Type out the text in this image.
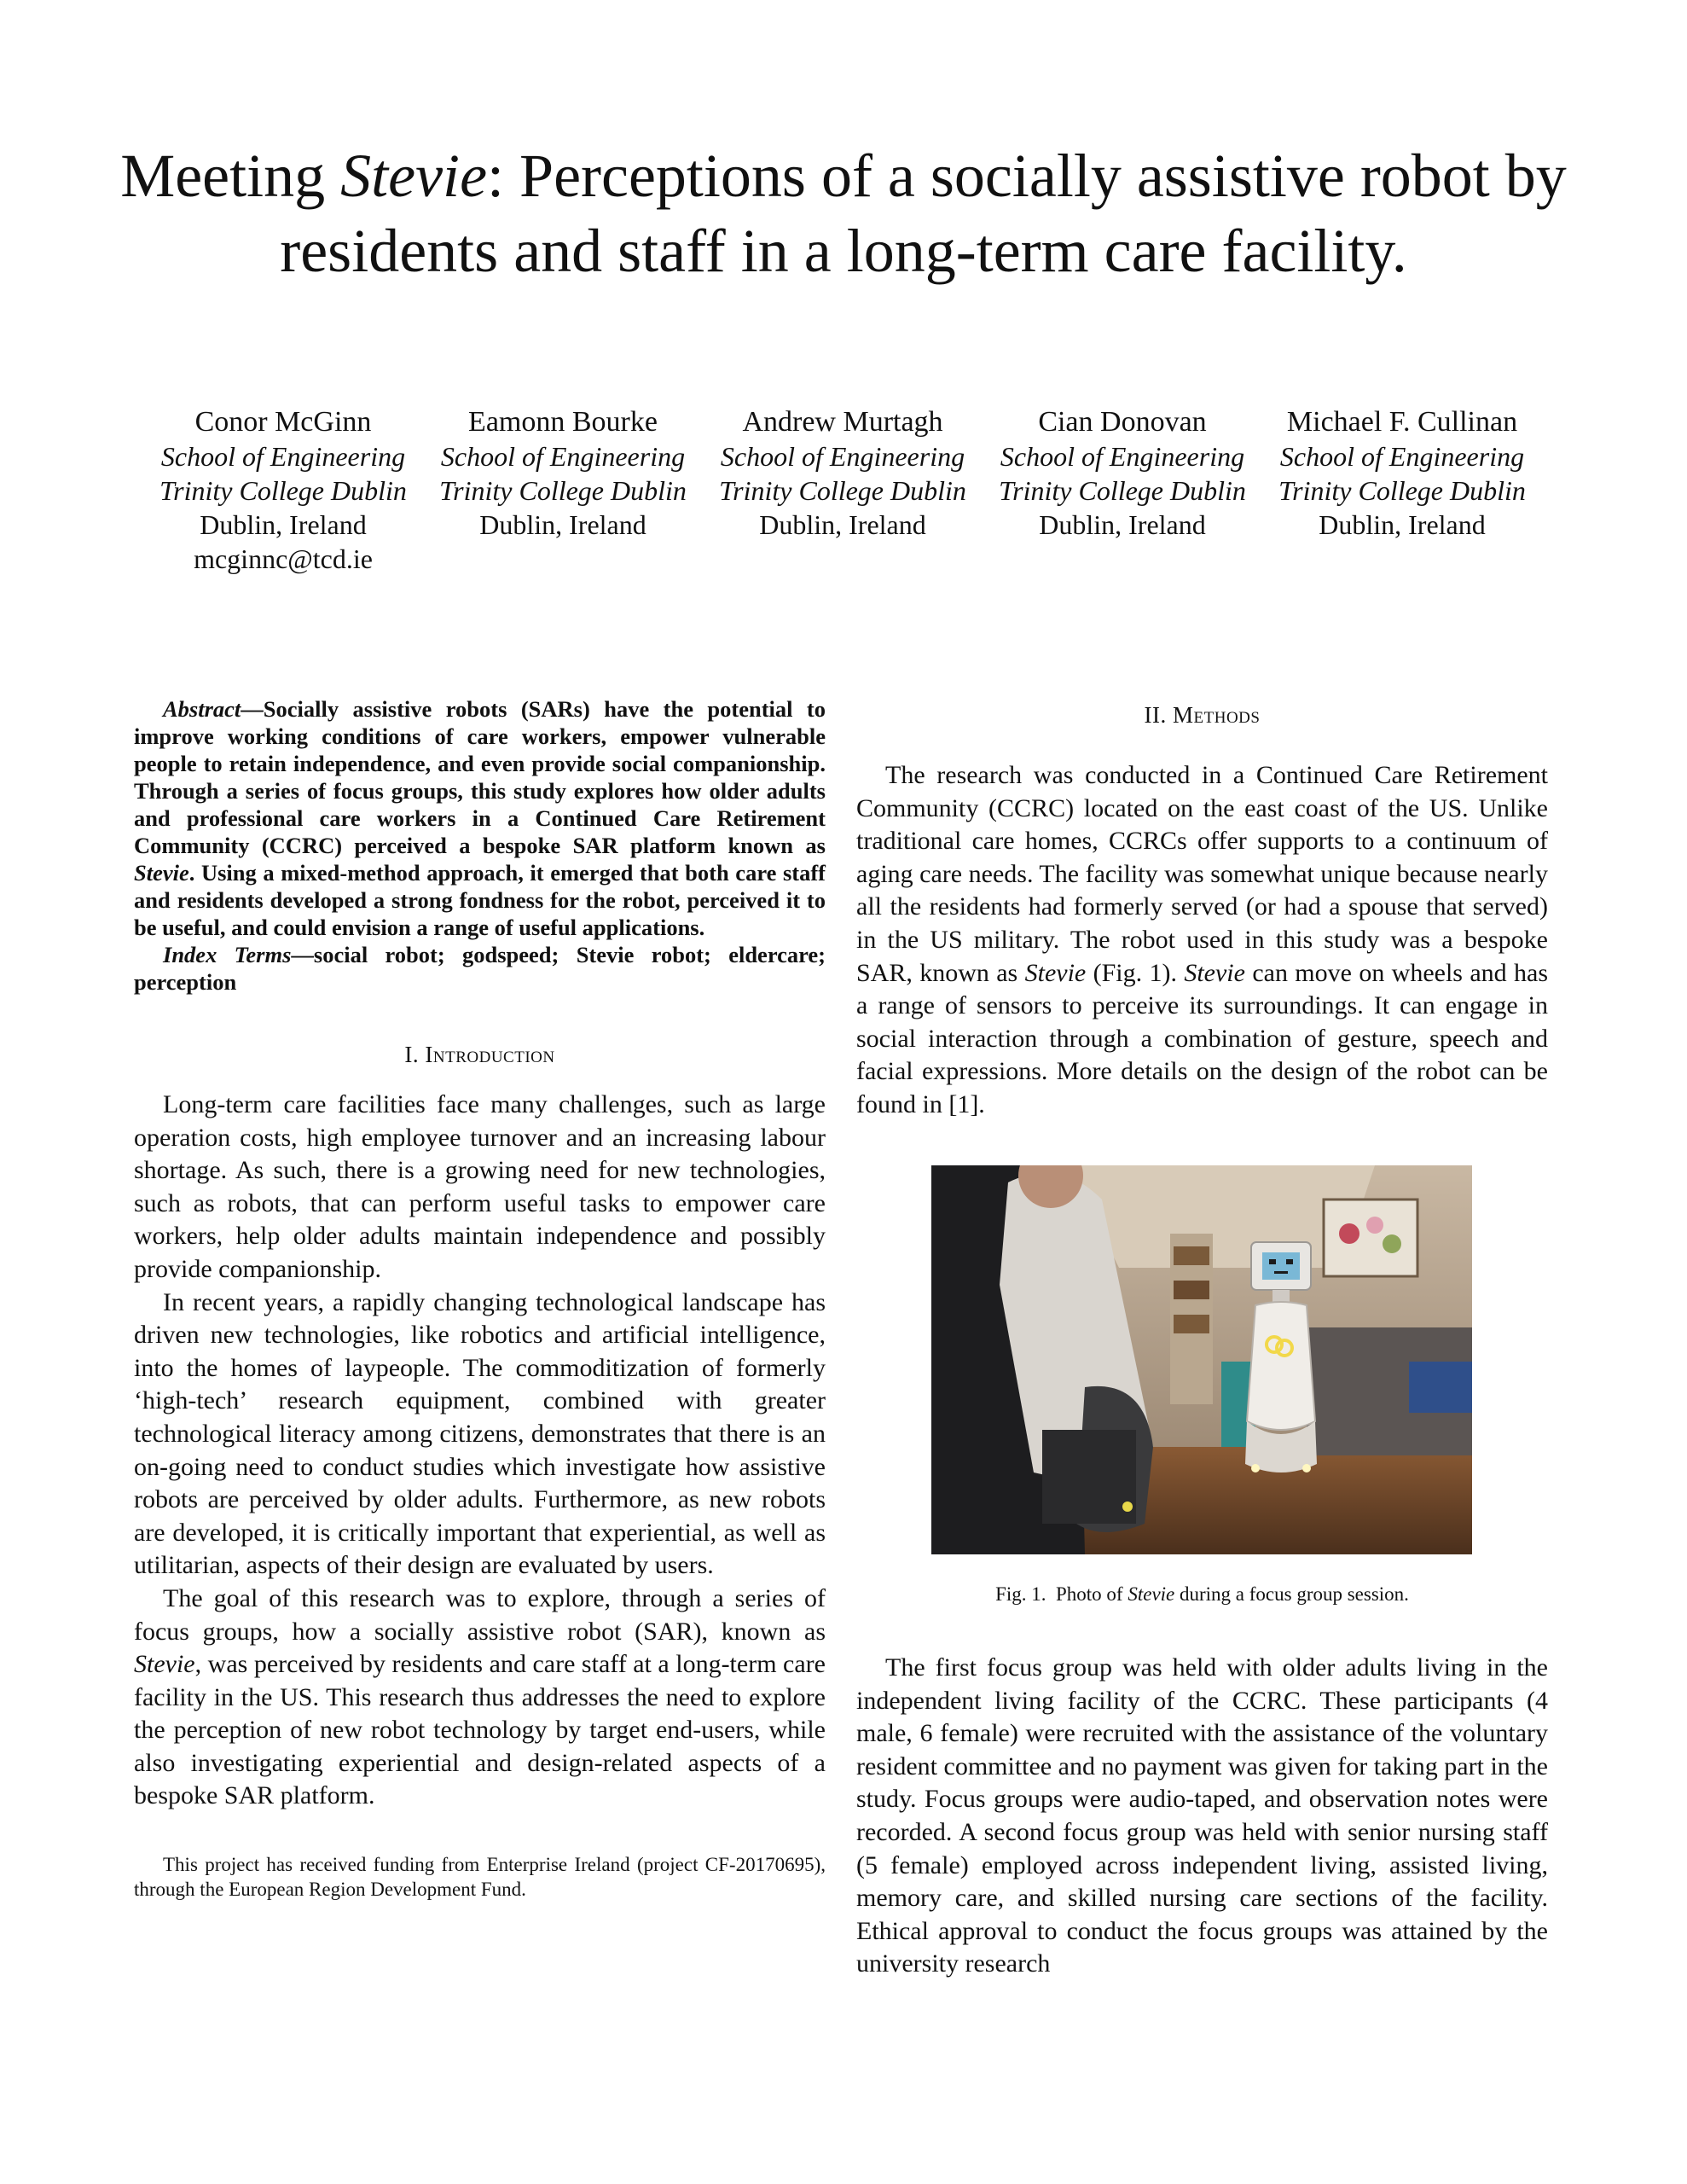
Meeting Stevie: Perceptions of a socially assistive robot by residents and staff in a long-term care facility.
Conor McGinn
School of Engineering
Trinity College Dublin
Dublin, Ireland
mcginnc@tcd.ie
Eamonn Bourke
School of Engineering
Trinity College Dublin
Dublin, Ireland
Andrew Murtagh
School of Engineering
Trinity College Dublin
Dublin, Ireland
Cian Donovan
School of Engineering
Trinity College Dublin
Dublin, Ireland
Michael F. Cullinan
School of Engineering
Trinity College Dublin
Dublin, Ireland

Abstract—Socially assistive robots (SARs) have the potential to improve working conditions of care workers, empower vulnerable people to retain independence, and even provide social companionship. Through a series of focus groups, this study explores how older adults and professional care workers in a Continued Care Retirement Community (CCRC) perceived a bespoke SAR platform known as Stevie. Using a mixed-method approach, it emerged that both care staff and residents developed a strong fondness for the robot, perceived it to be useful, and could envision a range of useful applications.

Index Terms—social robot; godspeed; Stevie robot; eldercare; perception

I. Introduction

Long-term care facilities face many challenges, such as large operation costs, high employee turnover and an increasing labour shortage. As such, there is a growing need for new technologies, such as robots, that can perform useful tasks to empower care workers, help older adults maintain independence and possibly provide companionship.

In recent years, a rapidly changing technological landscape has driven new technologies, like robotics and artificial intelligence, into the homes of laypeople. The commoditization of formerly ‘high-tech’ research equipment, combined with greater technological literacy among citizens, demonstrates that there is an on-going need to conduct studies which investigate how assistive robots are perceived by older adults. Furthermore, as new robots are developed, it is critically important that experiential, as well as utilitarian, aspects of their design are evaluated by users.

The goal of this research was to explore, through a series of focus groups, how a socially assistive robot (SAR), known as Stevie, was perceived by residents and care staff at a long-term care facility in the US. This research thus addresses the need to explore the perception of new robot technology by target end-users, while also investigating experiential and design-related aspects of a bespoke SAR platform.

This project has received funding from Enterprise Ireland (project CF-20170695), through the European Region Development Fund.

II. Methods

The research was conducted in a Continued Care Retirement Community (CCRC) located on the east coast of the US. Unlike traditional care homes, CCRCs offer supports to a continuum of aging care needs. The facility was somewhat unique because nearly all the residents had formerly served (or had a spouse that served) in the US military. The robot used in this study was a bespoke SAR, known as Stevie (Fig. 1). Stevie can move on wheels and has a range of sensors to perceive its surroundings. It can engage in social interaction through a combination of gesture, speech and facial expressions. More details on the design of the robot can be found in [1].

Fig. 1. Photo of Stevie during a focus group session.

The first focus group was held with older adults living in the independent living facility of the CCRC. These participants (4 male, 6 female) were recruited with the assistance of the voluntary resident committee and no payment was given for taking part in the study. Focus groups were audio-taped, and observation notes were recorded. A second focus group was held with senior nursing staff (5 female) employed across independent living, assisted living, memory care, and skilled nursing care sections of the facility. Ethical approval to conduct the focus groups was attained by the university research
